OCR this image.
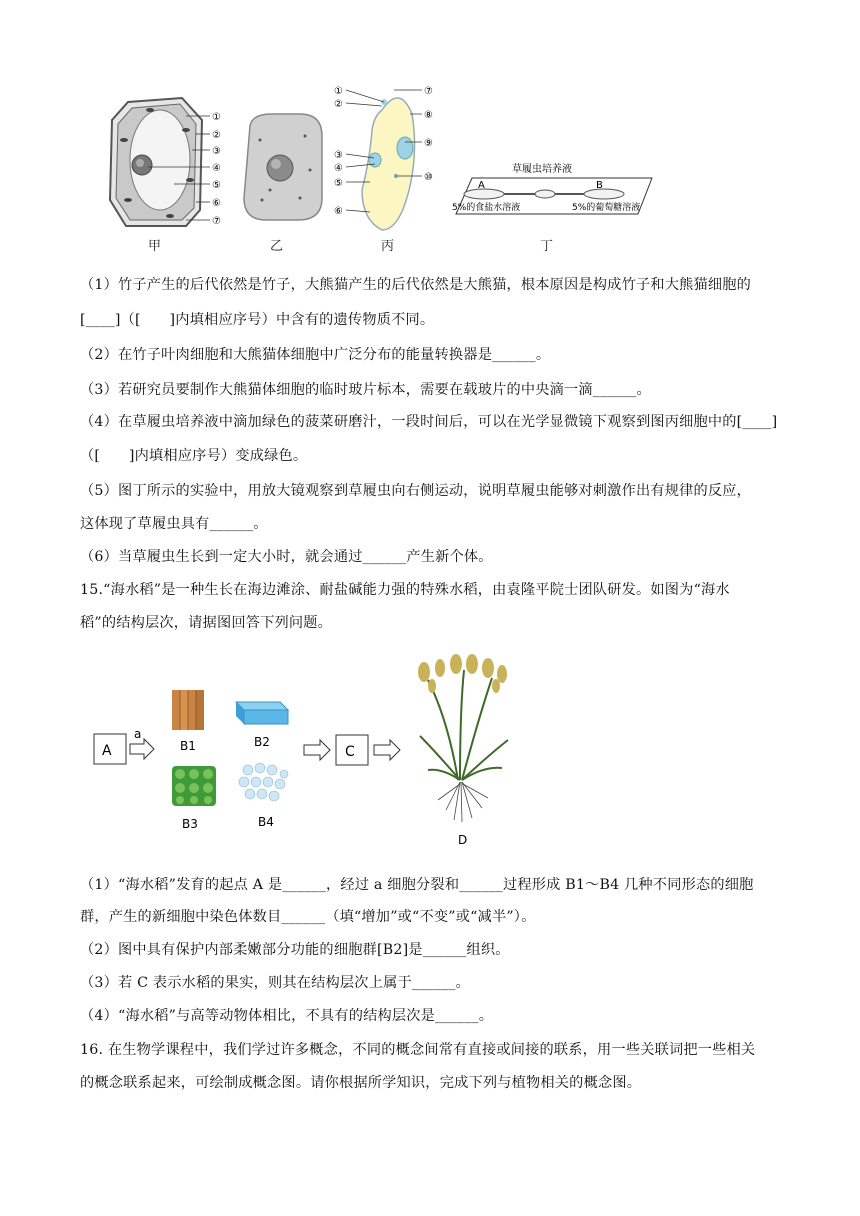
①
②
③
④
⑤
⑥
⑦
①
②
③
④
⑤
⑥
⑦
⑧
⑨
⑩
草履虫培养液
A	B
5%的食盐水溶液	5%的葡萄糖溶液
甲	乙	丙	丁
（1）竹子产生的后代依然是竹子，大熊猫产生的后代依然是大熊猫，根本原因是构成竹子和大熊猫细胞的
[____]（[　　]内填相应序号）中含有的遗传物质不同。
（2）在竹子叶肉细胞和大熊猫体细胞中广泛分布的能量转换器是______。
（3）若研究员要制作大熊猫体细胞的临时玻片标本，需要在载玻片的中央滴一滴______。
（4）在草履虫培养液中滴加绿色的菠菜研磨汁，一段时间后，可以在光学显微镜下观察到图丙细胞中的[____]
（[　　]内填相应序号）变成绿色。
（5）图丁所示的实验中，用放大镜观察到草履虫向右侧运动，说明草履虫能够对刺激作出有规律的反应，
这体现了草履虫具有______。
（6）当草履虫生长到一定大小时，就会通过______产生新个体。
15.“海水稻”是一种生长在海边滩涂、耐盐碱能力强的特殊水稻，由袁隆平院士团队研发。如图为“海水
稻”的结构层次，请据图回答下列问题。
A
a
B1	B2
B3	B4
C
D
（1）“海水稻”发育的起点 A 是______，经过 a 细胞分裂和______过程形成 B1～B4 几种不同形态的细胞
群，产生的新细胞中染色体数目______（填“增加”或“不变”或“减半”）。
（2）图中具有保护内部柔嫩部分功能的细胞群[B2]是______组织。
（3）若 C 表示水稻的果实，则其在结构层次上属于______。
（4）“海水稻”与高等动物体相比，不具有的结构层次是______。
16. 在生物学课程中，我们学过许多概念，不同的概念间常有直接或间接的联系，用一些关联词把一些相关
的概念联系起来，可绘制成概念图。请你根据所学知识，完成下列与植物相关的概念图。
